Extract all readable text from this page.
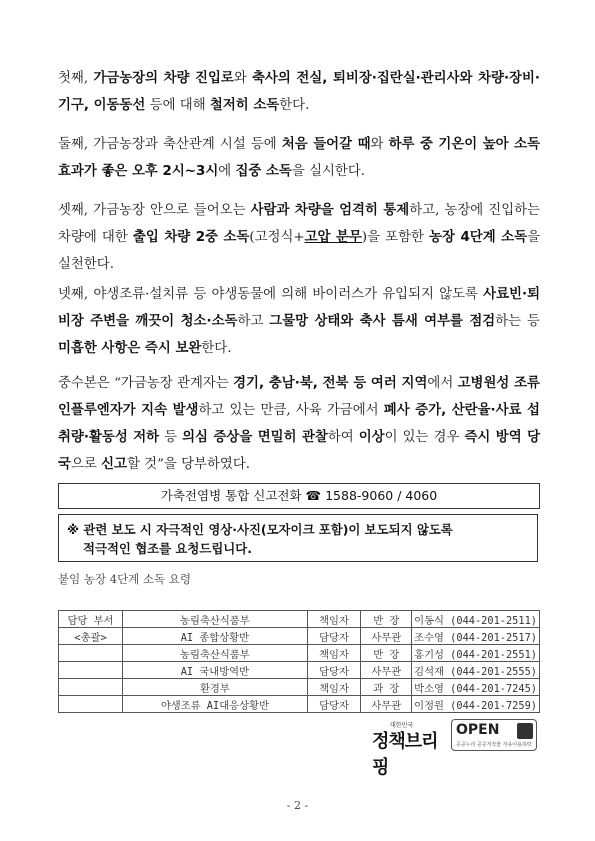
첫째, 가금농장의 차량 진입로와 축사의 전실, 퇴비장·집란실·관리사와 차량·장비·기구, 이동동선 등에 대해 철저히 소독한다.
둘째, 가금농장과 축산관계 시설 등에 처음 들어갈 때와 하루 중 기온이 높아 소독 효과가 좋은 오후 2시~3시에 집중 소독을 실시한다.
셋째, 가금농장 안으로 들어오는 사람과 차량을 엄격히 통제하고, 농장에 진입하는 차량에 대한 출입 차량 2중 소독(고정식+고압 분무)을 포함한 농장 4단계 소독을 실천한다.
넷째, 야생조류·설치류 등 야생동물에 의해 바이러스가 유입되지 않도록 사료빈·퇴비장 주변을 깨끗이 청소·소독하고 그물망 상태와 축사 틈새 여부를 점검하는 등 미흡한 사항은 즉시 보완한다.
중수본은 “가금농장 관계자는 경기, 충남·북, 전북 등 여러 지역에서 고병원성 조류인플루엔자가 지속 발생하고 있는 만큼, 사육 가금에서 폐사 증가, 산란율·사료 섭취량·활동성 저하 등 의심 증상을 면밀히 관찰하여 이상이 있는 경우 즉시 방역 당국으로 신고할 것”을 당부하였다.
가축전염병 통합 신고전화 ☎ 1588-9060 / 4060
※ 관련 보도 시 자극적인 영상·사진(모자이크 포함)이 보도되지 않도록
적극적인 협조를 요청드립니다.
붙임 농장 4단계 소독 요령
담당 부서	농림축산식품부	책임자	반 장	이동식 (044-201-2511)
<총괄>	AI 종합상황반	담당자	사무관	조수영 (044-201-2517)
	농림축산식품부	책임자	반 장	홍기성 (044-201-2551)
	AI 국내방역반	담당자	사무관	김석재 (044-201-2555)
	환경부	책임자	과 장	박소영 (044-201-7245)
	야생조류 AI대응상황반	담당자	사무관	이정원 (044-201-7259)
대한민국
정책브리핑
OPEN
공공누리 공공저작물 자유이용허락
- 2 -
